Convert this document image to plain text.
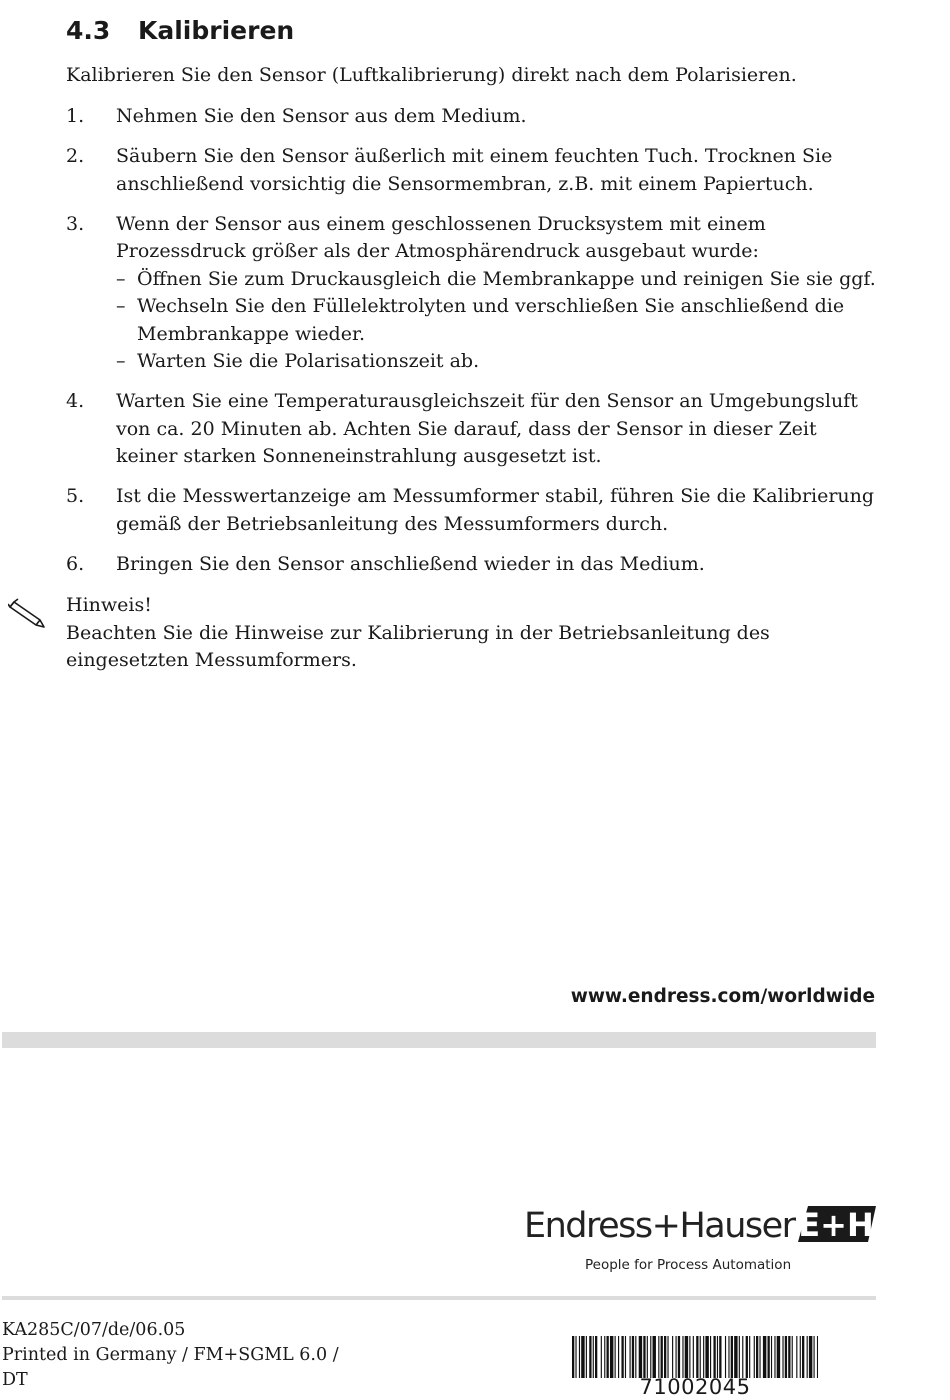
4.3 Kalibrieren
Kalibrieren Sie den Sensor (Luftkalibrierung) direkt nach dem Polarisieren.
1. Nehmen Sie den Sensor aus dem Medium.
2. Säubern Sie den Sensor äußerlich mit einem feuchten Tuch. Trocknen Sie anschließend vorsichtig die Sensormembran, z.B. mit einem Papiertuch.
3. Wenn der Sensor aus einem geschlossenen Drucksystem mit einem Prozessdruck größer als der Atmosphärendruck ausgebaut wurde:
– Öffnen Sie zum Druckausgleich die Membrankappe und reinigen Sie sie ggf.
– Wechseln Sie den Füllelektrolyten und verschließen Sie anschließend die Membrankappe wieder.
– Warten Sie die Polarisationszeit ab.
4. Warten Sie eine Temperaturausgleichszeit für den Sensor an Umgebungsluft von ca. 20 Minuten ab. Achten Sie darauf, dass der Sensor in dieser Zeit keiner starken Sonneneinstrahlung ausgesetzt ist.
5. Ist die Messwertanzeige am Messumformer stabil, führen Sie die Kalibrierung gemäß der Betriebsanleitung des Messumformers durch.
6. Bringen Sie den Sensor anschließend wieder in das Medium.
Hinweis!
Beachten Sie die Hinweise zur Kalibrierung in der Betriebsanleitung des eingesetzten Messumformers.
www.endress.com/worldwide
Endress+Hauser E+H
People for Process Automation
KA285C/07/de/06.05
Printed in Germany / FM+SGML 6.0 /
DT	71002045
